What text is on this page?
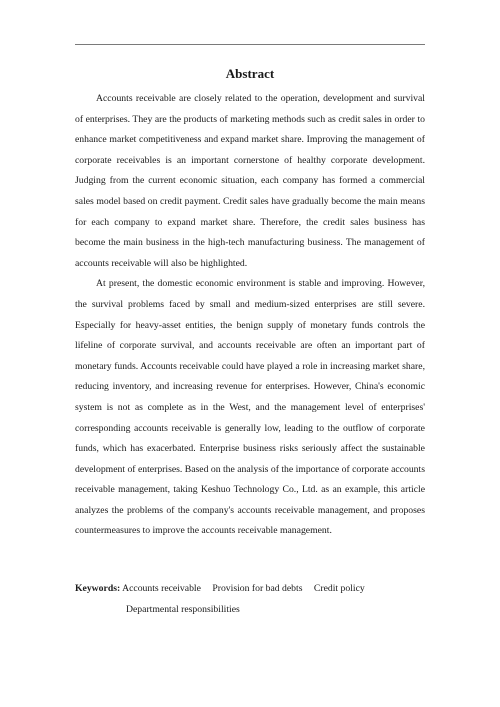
Abstract

Accounts receivable are closely related to the operation, development and survival of enterprises. They are the products of marketing methods such as credit sales in order to enhance market competitiveness and expand market share. Improving the management of corporate receivables is an important cornerstone of healthy corporate development. Judging from the current economic situation, each company has formed a commercial sales model based on credit payment. Credit sales have gradually become the main means for each company to expand market share. Therefore, the credit sales business has become the main business in the high-tech manufacturing business. The management of accounts receivable will also be highlighted.

At present, the domestic economic environment is stable and improving. However, the survival problems faced by small and medium-sized enterprises are still severe. Especially for heavy-asset entities, the benign supply of monetary funds controls the lifeline of corporate survival, and accounts receivable are often an important part of monetary funds. Accounts receivable could have played a role in increasing market share, reducing inventory, and increasing revenue for enterprises. However, China's economic system is not as complete as in the West, and the management level of enterprises' corresponding accounts receivable is generally low, leading to the outflow of corporate funds, which has exacerbated. Enterprise business risks seriously affect the sustainable development of enterprises. Based on the analysis of the importance of corporate accounts receivable management, taking Keshuo Technology Co., Ltd. as an example, this article analyzes the problems of the company's accounts receivable management, and proposes countermeasures to improve the accounts receivable management.

Keywords: Accounts receivable Provision for bad debts Credit policy Departmental responsibilities
